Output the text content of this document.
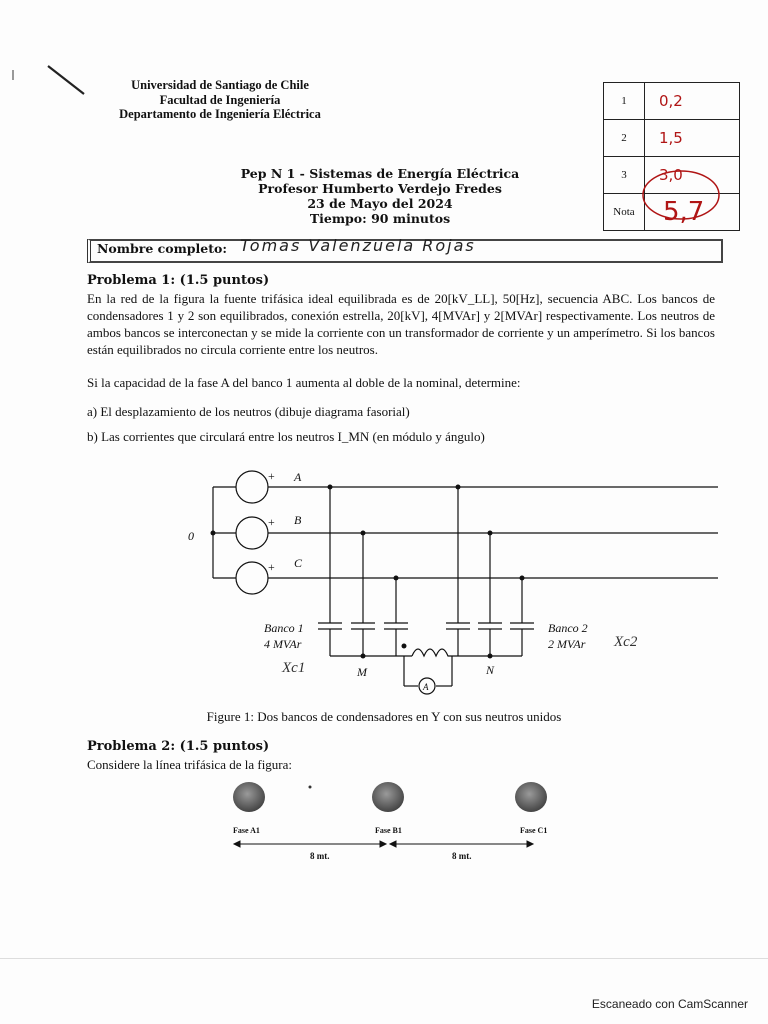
Universidad de Santiago de Chile
Facultad de Ingeniería
Departamento de Ingeniería Eléctrica
1	0,2
2	1,5
3	3,0
Nota	5,7
Pep N 1 - Sistemas de Energía Eléctrica
Profesor Humberto Verdejo Fredes
23 de Mayo del 2024
Tiempo: 90 minutos
Nombre completo: Tomas Valenzuela Rojas
Problema 1: (1.5 puntos)
En la red de la figura la fuente trifásica ideal equilibrada es de 20[kV_LL], 50[Hz], secuencia ABC. Los bancos de condensadores 1 y 2 son equilibrados, conexión estrella, 20[kV], 4[MVAr] y 2[MVAr] respectivamente. Los neutros de ambos bancos se interconectan y se mide la corriente con un transformador de corriente y un amperímetro. Si los bancos están equilibrados no circula corriente entre los neutros.
Si la capacidad de la fase A del banco 1 aumenta al doble de la nominal, determine:
a) El desplazamiento de los neutros (dibuje diagrama fasorial)
b) Las corrientes que circulará entre los neutros I_MN (en módulo y ángulo)
0
+
+
+
A
B
C
Banco 1
4 MVAr
Banco 2
2 MVAr
M	N
A
Xc1
Xc2
Figure 1: Dos bancos de condensadores en Y con sus neutros unidos
Problema 2: (1.5 puntos)
Considere la línea trifásica de la figura:
Fase A1	Fase B1	Fase C1
8 mt.	8 mt.
Escaneado con CamScanner
